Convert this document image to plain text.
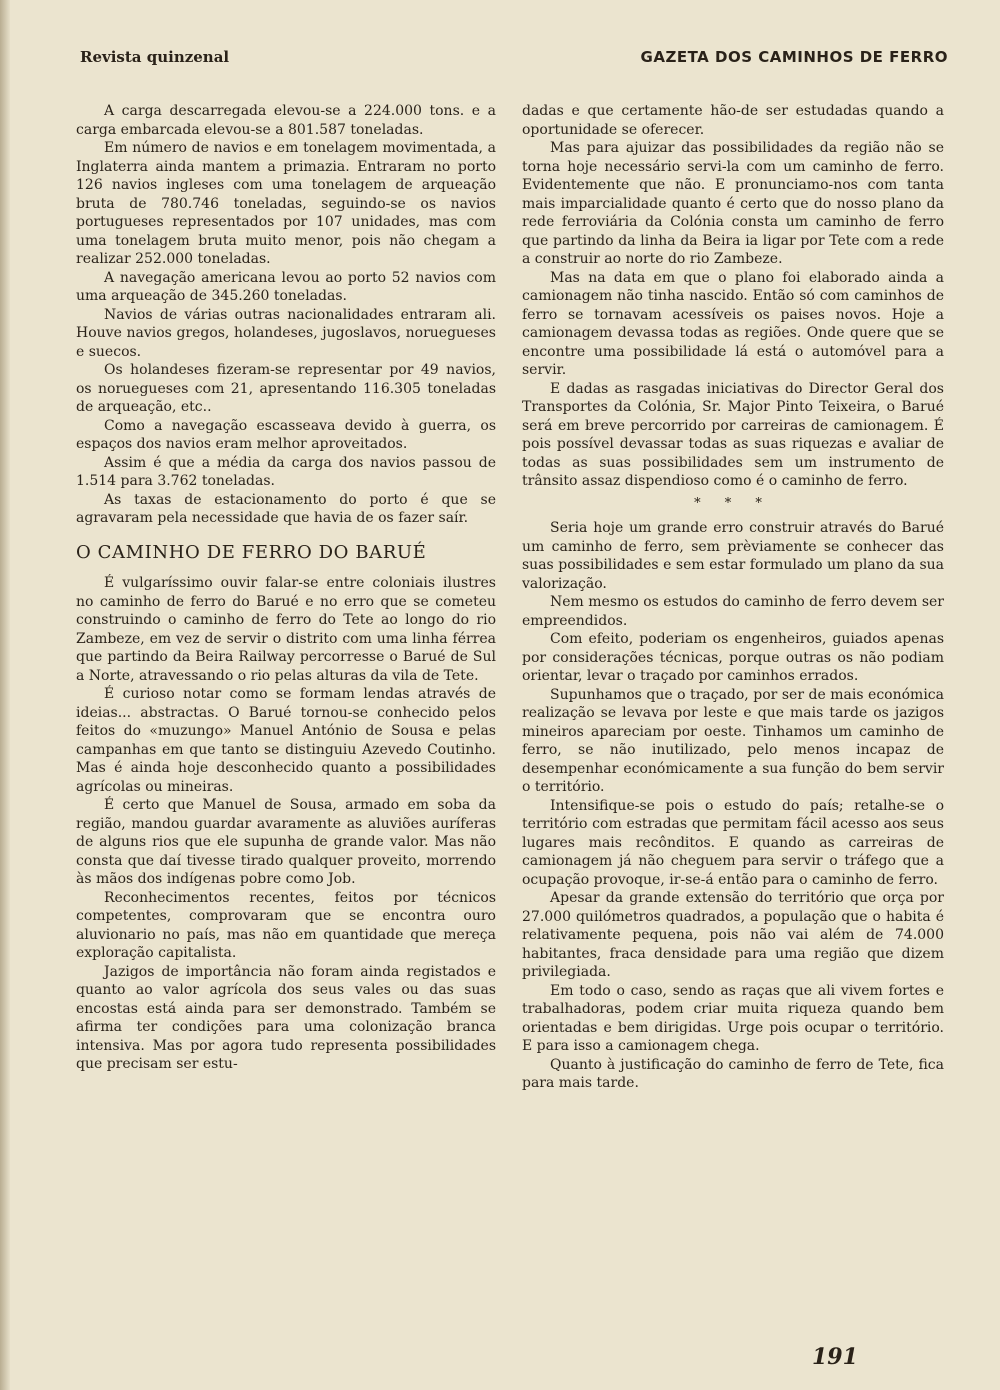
Revista quinzenal	GAZETA DOS CAMINHOS DE FERRO

A carga descarregada elevou-se a 224.000 tons. e a carga embarcada elevou-se a 801.587 toneladas.

Em número de navios e em tonelagem movimentada, a Inglaterra ainda mantem a primazia. Entraram no porto 126 navios ingleses com uma tonelagem de arqueação bruta de 780.746 toneladas, seguindo-se os navios portugueses representados por 107 unidades, mas com uma tonelagem bruta muito menor, pois não chegam a realizar 252.000 toneladas.

A navegação americana levou ao porto 52 navios com uma arqueação de 345.260 toneladas.

Navios de várias outras nacionalidades entraram ali. Houve navios gregos, holandeses, jugoslavos, noruegueses e suecos.

Os holandeses fizeram-se representar por 49 navios, os noruegueses com 21, apresentando 116.305 toneladas de arqueação, etc..

Como a navegação escasseava devido à guerra, os espaços dos navios eram melhor aproveitados.

Assim é que a média da carga dos navios passou de 1.514 para 3.762 toneladas.

As taxas de estacionamento do porto é que se agravaram pela necessidade que havia de os fazer saír.

O CAMINHO DE FERRO DO BARUÉ

É vulgaríssimo ouvir falar-se entre coloniais ilustres no caminho de ferro do Barué e no erro que se cometeu construindo o caminho de ferro do Tete ao longo do rio Zambeze, em vez de servir o distrito com uma linha férrea que partindo da Beira Railway percorresse o Barué de Sul a Norte, atravessando o rio pelas alturas da vila de Tete.

É curioso notar como se formam lendas através de ideias... abstractas. O Barué tornou-se conhecido pelos feitos do «muzungo» Manuel António de Sousa e pelas campanhas em que tanto se distinguiu Azevedo Coutinho. Mas é ainda hoje desconhecido quanto a possibilidades agrícolas ou mineiras.

É certo que Manuel de Sousa, armado em soba da região, mandou guardar avaramente as aluviões auríferas de alguns rios que ele supunha de grande valor. Mas não consta que daí tivesse tirado qualquer proveito, morrendo às mãos dos indígenas pobre como Job.

Reconhecimentos recentes, feitos por técnicos competentes, comprovaram que se encontra ouro aluvionario no país, mas não em quantidade que mereça exploração capitalista.

Jazigos de importância não foram ainda registados e quanto ao valor agrícola dos seus vales ou das suas encostas está ainda para ser demonstrado. Também se afirma ter condições para uma colonização branca intensiva. Mas por agora tudo representa possibilidades que precisam ser estu-

dadas e que certamente hão-de ser estudadas quando a oportunidade se oferecer.

Mas para ajuizar das possibilidades da região não se torna hoje necessário servi-la com um caminho de ferro. Evidentemente que não. E pronunciamo-nos com tanta mais imparcialidade quanto é certo que do nosso plano da rede ferroviária da Colónia consta um caminho de ferro que partindo da linha da Beira ia ligar por Tete com a rede a construir ao norte do rio Zambeze.

Mas na data em que o plano foi elaborado ainda a camionagem não tinha nascido. Então só com caminhos de ferro se tornavam acessíveis os paises novos. Hoje a camionagem devassa todas as regiões. Onde quere que se encontre uma possibilidade lá está o automóvel para a servir.

E dadas as rasgadas iniciativas do Director Geral dos Transportes da Colónia, Sr. Major Pinto Teixeira, o Barué será em breve percorrido por carreiras de camionagem. É pois possível devassar todas as suas riquezas e avaliar de todas as suas possibilidades sem um instrumento de trânsito assaz dispendioso como é o caminho de ferro.

* * *

Seria hoje um grande erro construir através do Barué um caminho de ferro, sem prèviamente se conhecer das suas possibilidades e sem estar formulado um plano da sua valorização.

Nem mesmo os estudos do caminho de ferro devem ser empreendidos.

Com efeito, poderiam os engenheiros, guiados apenas por considerações técnicas, porque outras os não podiam orientar, levar o traçado por caminhos errados.

Supunhamos que o traçado, por ser de mais económica realização se levava por leste e que mais tarde os jazigos mineiros apareciam por oeste. Tinhamos um caminho de ferro, se não inutilizado, pelo menos incapaz de desempenhar económicamente a sua função do bem servir o território.

Intensifique-se pois o estudo do país; retalhe-se o território com estradas que permitam fácil acesso aos seus lugares mais recônditos. E quando as carreiras de camionagem já não cheguem para servir o tráfego que a ocupação provoque, ir-se-á então para o caminho de ferro.

Apesar da grande extensão do território que orça por 27.000 quilómetros quadrados, a população que o habita é relativamente pequena, pois não vai além de 74.000 habitantes, fraca densidade para uma região que dizem privilegiada.

Em todo o caso, sendo as raças que ali vivem fortes e trabalhadoras, podem criar muita riqueza quando bem orientadas e bem dirigidas. Urge pois ocupar o território. E para isso a camionagem chega.

Quanto à justificação do caminho de ferro de Tete, fica para mais tarde.

191
